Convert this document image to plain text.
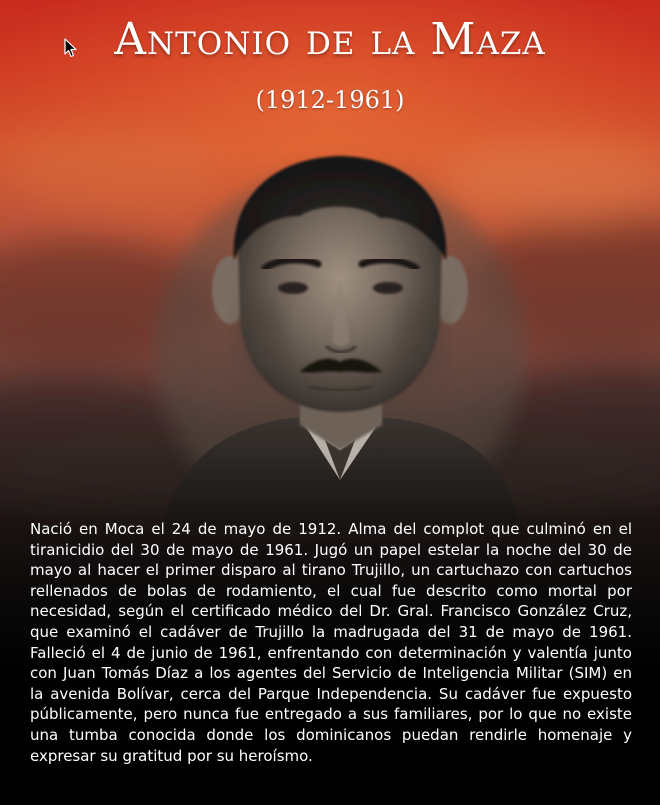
Antonio de la Maza
(1912-1961)

Nació en Moca el 24 de mayo de 1912. Alma del complot que culminó en el tiranicidio del 30 de mayo de 1961. Jugó un papel estelar la noche del 30 de mayo al hacer el primer disparo al tirano Trujillo, un cartuchazo con cartuchos rellenados de bolas de rodamiento, el cual fue descrito como mortal por necesidad, según el certificado médico del Dr. Gral. Francisco González Cruz, que examinó el cadáver de Trujillo la madrugada del 31 de mayo de 1961. Falleció el 4 de junio de 1961, enfrentando con determinación y valentía junto con Juan Tomás Díaz a los agentes del Servicio de Inteligencia Militar (SIM) en la avenida Bolívar, cerca del Parque Independencia. Su cadáver fue expuesto públicamente, pero nunca fue entregado a sus familiares, por lo que no existe una tumba conocida donde los dominicanos puedan rendirle homenaje y expresar su gratitud por su heroísmo.
